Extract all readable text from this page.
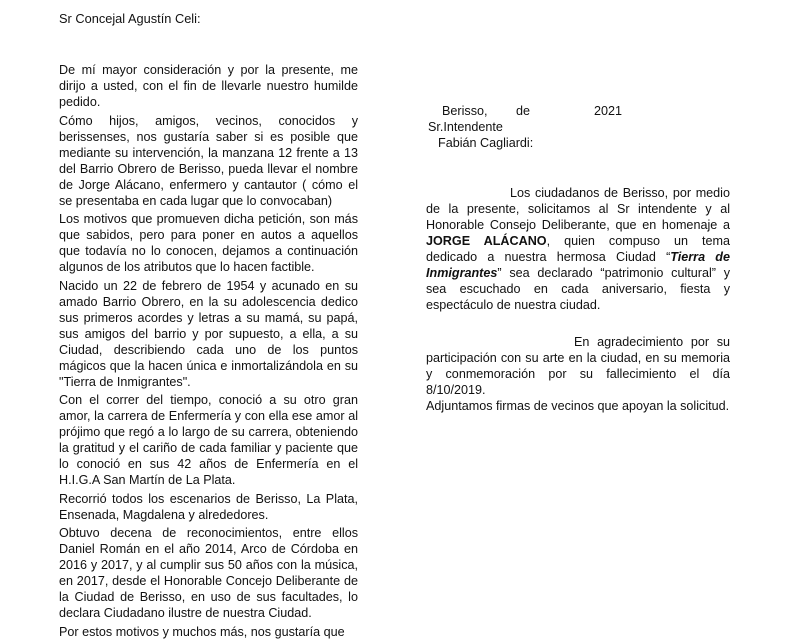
Sr Concejal Agustín Celi:

De mí mayor consideración y por la presente, me dirijo a usted, con el fin de llevarle nuestro humilde pedido.

Cómo hijos, amigos, vecinos, conocidos y berissenses, nos gustaría saber si es posible que mediante su intervención, la manzana 12 frente a 13 del Barrio Obrero de Berisso, pueda llevar el nombre de Jorge Alácano, enfermero y cantautor ( cómo el se presentaba en cada lugar que lo convocaban)

Los motivos que promueven dicha petición, son más que sabidos, pero para poner en autos a aquellos que todavía no lo conocen, dejamos a continuación algunos de los atributos que lo hacen factible.

Nacido un 22 de febrero de 1954 y acunado en su amado Barrio Obrero, en la su adolescencia dedico sus primeros acordes y letras a su mamá, su papá, sus amigos del barrio y por supuesto, a ella, a su Ciudad, describiendo cada uno de los puntos mágicos que la hacen única e inmortalizándola en su "Tierra de Inmigrantes".

Con el correr del tiempo, conoció a su otro gran amor, la carrera de Enfermería y con ella ese amor al prójimo que regó a lo largo de su carrera, obteniendo la gratitud y el cariño de cada familiar y paciente que lo conoció en sus 42 años de Enfermería en el H.I.G.A San Martín de La Plata.

Recorrió todos los escenarios de Berisso, La Plata, Ensenada, Magdalena y alrededores.

Obtuvo decena de reconocimientos, entre ellos Daniel Román en el año 2014, Arco de Córdoba en 2016 y 2017, y al cumplir sus 50 años con la música, en 2017, desde el Honorable Concejo Deliberante de la Ciudad de Berisso, en uso de sus facultades, lo declara Ciudadano ilustre de nuestra Ciudad.

Por estos motivos y muchos más, nos gustaría que

Berisso, de	2021
Sr.Intendente
Fabián Cagliardi:

Los ciudadanos de Berisso, por medio de la presente, solicitamos al Sr intendente y al Honorable Consejo Deliberante, que en homenaje a JORGE ALÁCANO, quien compuso un tema dedicado a nuestra hermosa Ciudad “Tierra de Inmigrantes” sea declarado “patrimonio cultural” y sea escuchado en cada aniversario, fiesta y espectáculo de nuestra ciudad.

En agradecimiento por su participación con su arte en la ciudad, en su memoria y conmemoración por su fallecimiento el día 8/10/2019.

Adjuntamos firmas de vecinos que apoyan la solicitud.
